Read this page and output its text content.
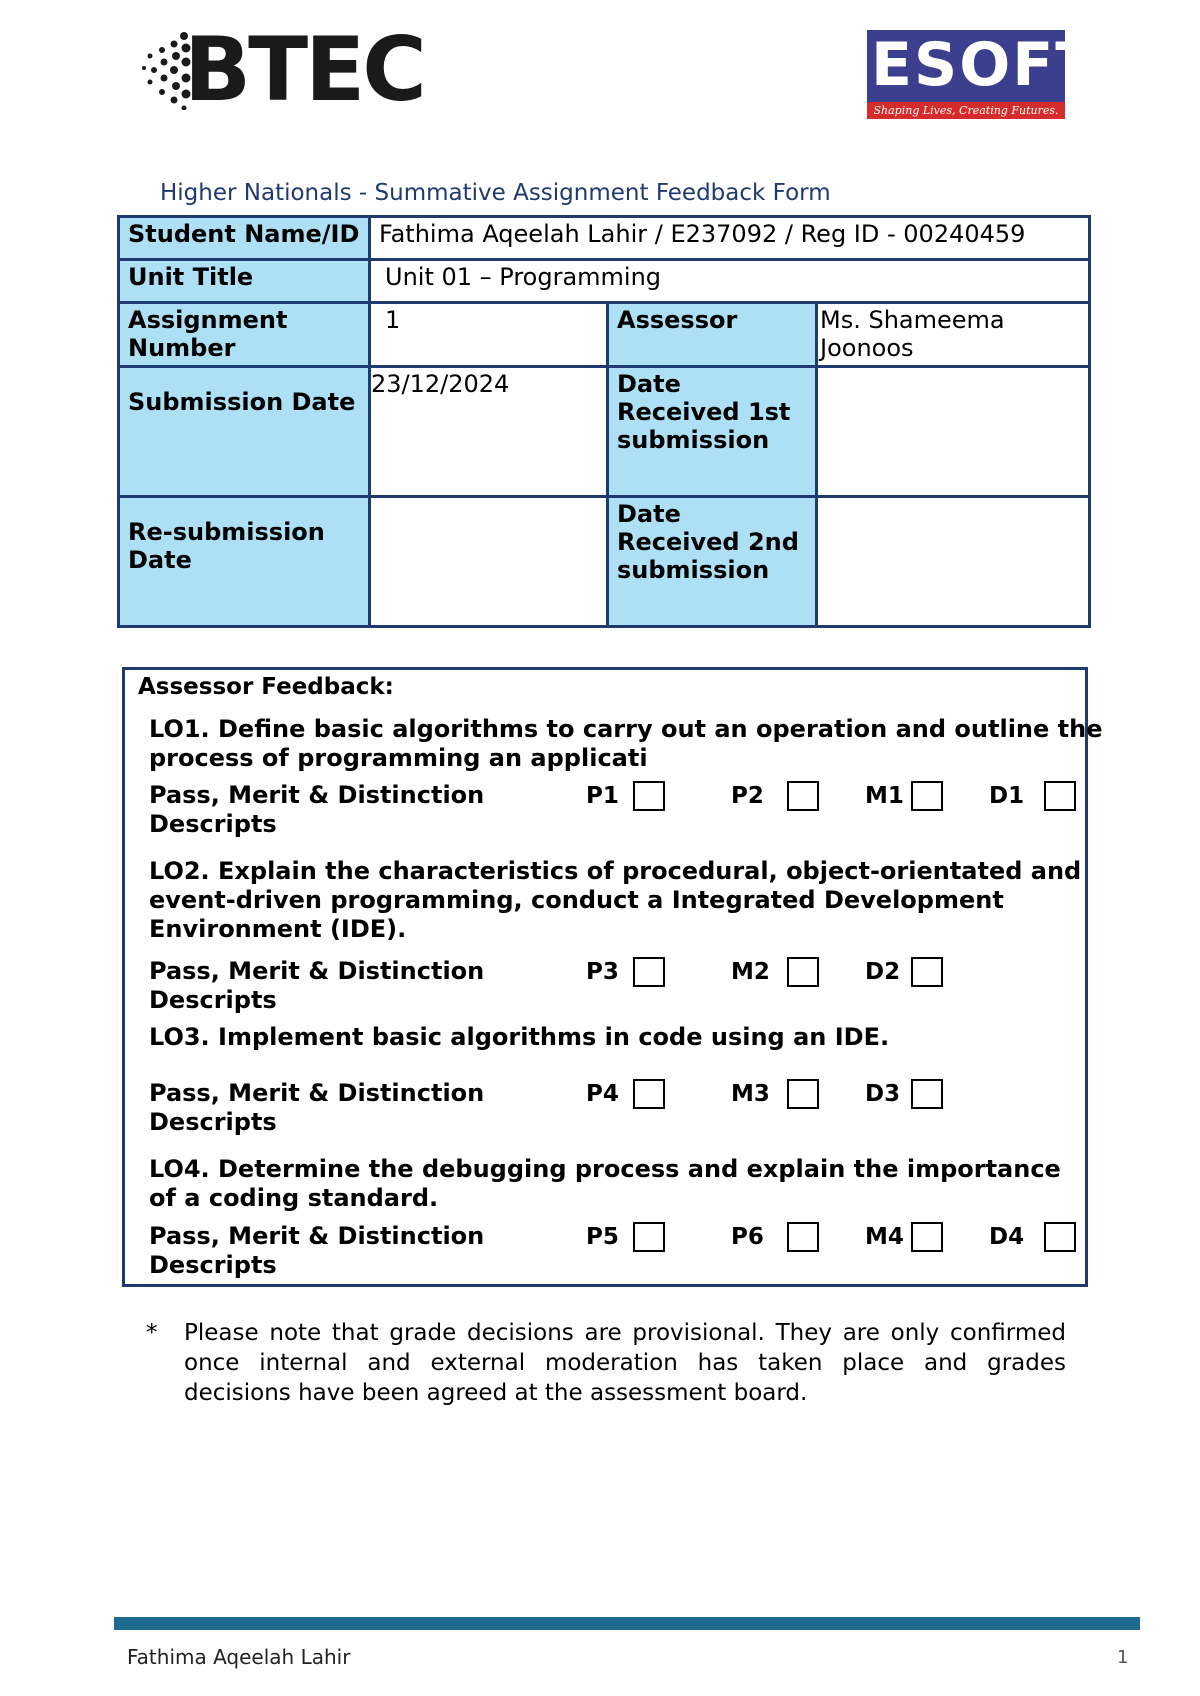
BTEC	ESOFT
Shaping Lives, Creating Futures.
Higher Nationals - Summative Assignment Feedback Form
Student Name/ID	Fathima Aqeelah Lahir / E237092 / Reg ID - 00240459		
Unit Title	Unit 01 – Programming		
Assignment Number	1	Assessor	Ms. Shameema Joonoos
Submission Date	23/12/2024	Date Received 1st submission	
Re-submission Date		Date Received 2nd submission	
Assessor Feedback:
LO1. Define basic algorithms to carry out an operation and outline the process of programming an applicati
Pass, Merit & Distinction Descripts
P1	P2	M1	D1
LO2. Explain the characteristics of procedural, object-orientated and event-driven programming, conduct a Integrated Development Environment (IDE).
Pass, Merit & Distinction Descripts
P3	M2	D2
LO3. Implement basic algorithms in code using an IDE.
Pass, Merit & Distinction Descripts
P4	M3	D3
LO4. Determine the debugging process and explain the importance of a coding standard.
Pass, Merit & Distinction Descripts
P5	P6	M4	D4
*	Please note that grade decisions are provisional. They are only confirmed once internal and external moderation has taken place and grades decisions have been agreed at the assessment board.
Fathima Aqeelah Lahir	1
